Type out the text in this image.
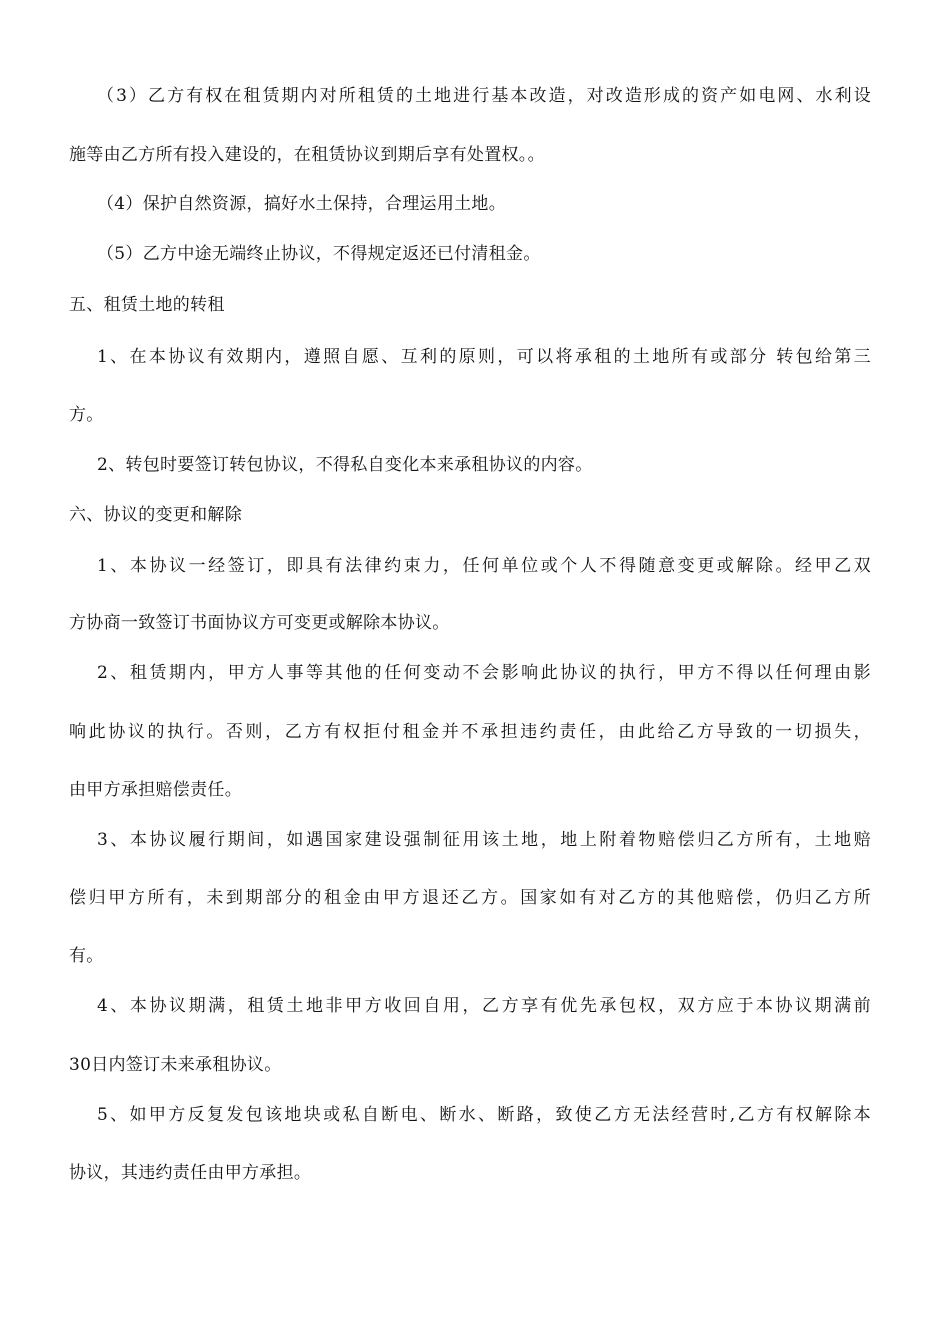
（3）乙方有权在租赁期内对所租赁的土地进行基本改造，对改造形成的资产如电网、水利设
施等由乙方所有投入建设的，在租赁协议到期后享有处置权。。
（4）保护自然资源，搞好水土保持，合理运用土地。
（5）乙方中途无端终止协议，不得规定返还已付清租金。
五、租赁土地的转租
1、在本协议有效期内，遵照自愿、互利的原则，可以将承租的土地所有或部分 转包给第三
方。
2、转包时要签订转包协议，不得私自变化本来承租协议的内容。
六、协议的变更和解除
1、本协议一经签订，即具有法律约束力，任何单位或个人不得随意变更或解除。经甲乙双
方协商一致签订书面协议方可变更或解除本协议。
2、租赁期内，甲方人事等其他的任何变动不会影响此协议的执行，甲方不得以任何理由影
响此协议的执行。否则，乙方有权拒付租金并不承担违约责任，由此给乙方导致的一切损失，
由甲方承担赔偿责任。
3、本协议履行期间，如遇国家建设强制征用该土地，地上附着物赔偿归乙方所有，土地赔
偿归甲方所有，未到期部分的租金由甲方退还乙方。国家如有对乙方的其他赔偿，仍归乙方所
有。
4、本协议期满，租赁土地非甲方收回自用，乙方享有优先承包权，双方应于本协议期满前
30日内签订未来承租协议。
5、如甲方反复发包该地块或私自断电、断水、断路，致使乙方无法经营时,乙方有权解除本
协议，其违约责任由甲方承担。
